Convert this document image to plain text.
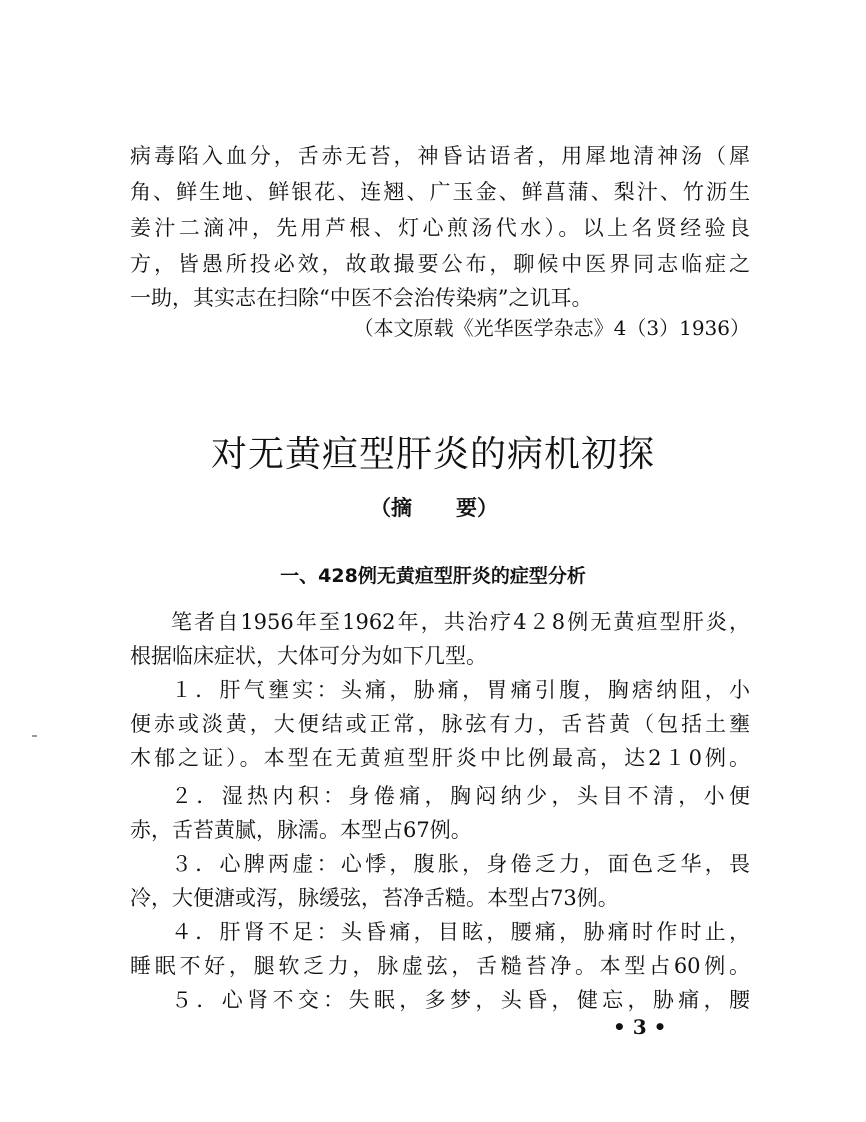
病毒陷入血分，舌赤无苔，神昏诂语者，用犀地清神汤（犀
角、鲜生地、鲜银花、连翘、广玉金、鲜菖蒲、梨汁、竹沥生
姜汁二滴冲，先用芦根、灯心煎汤代水）。以上名贤经验良
方，皆愚所投必效，故敢撮要公布，聊候中医界同志临症之
一助，其实志在扫除“中医不会治传染病”之讥耳。
（本文原载《光华医学杂志》4（3）1936）
对无黄疸型肝炎的病机初探
（摘 要）
一、428例无黄疸型肝炎的症型分析
笔者自1956年至1962年，共治疗4２8例无黄疸型肝炎，
根据临床症状，大体可分为如下几型。
１．肝气壅实：头痛，胁痛，胃痛引腹，胸痞纳阻，小
便赤或淡黄，大便结或正常，脉弦有力，舌苔黄（包括土壅
木郁之证）。本型在无黄疸型肝炎中比例最高，达2１0例。
２．湿热内积：身倦痛，胸闷纳少，头目不清，小便
赤，舌苔黄腻，脉濡。本型占67例。
３．心脾两虚：心悸，腹胀，身倦乏力，面色乏华，畏
冷，大便溏或泻，脉缓弦，苔净舌糙。本型占73例。
４．肝肾不足：头昏痛，目眩，腰痛，胁痛时作时止，
睡眠不好，腿软乏力，脉虚弦，舌糙苔净。本型占60例。
５．心肾不交：失眠，多梦，头昏，健忘，胁痛，腰
• 3 •
